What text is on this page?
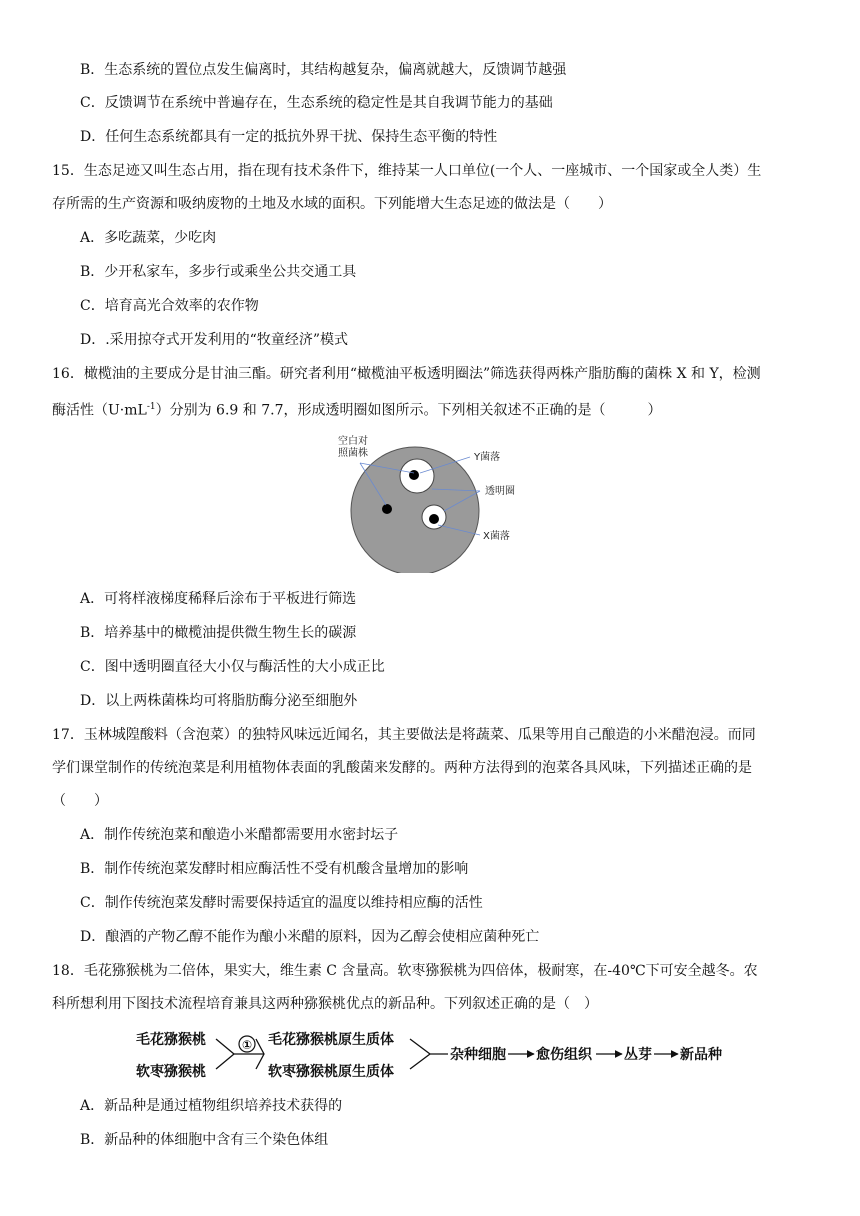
B．生态系统的置位点发生偏离时，其结构越复杂，偏离就越大，反馈调节越强
C．反馈调节在系统中普遍存在，生态系统的稳定性是其自我调节能力的基础
D．任何生态系统都具有一定的抵抗外界干扰、保持生态平衡的特性
15．生态足迹又叫生态占用，指在现有技术条件下，维持某一人口单位(一个人、一座城市、一个国家或全人类）生
存所需的生产资源和吸纳废物的土地及水域的面积。下列能增大生态足迹的做法是（　　）
A．多吃蔬菜，少吃肉
B．少开私家车，多步行或乘坐公共交通工具
C．培育高光合效率的农作物
D．.采用掠夺式开发利用的“牧童经济”模式
16．橄榄油的主要成分是甘油三酯。研究者利用“橄榄油平板透明圈法”筛选获得两株产脂肪酶的菌株 X 和 Y，检测
酶活性$(U\cdot mL^{-1})$分别为 6.9 和 7.7，形成透明圈如图所示。下列相关叙述不正确的是（　　　）
空白对
照菌株	Y菌落
透明圈
X菌落
A．可将样液梯度稀释后涂布于平板进行筛选
B．培养基中的橄榄油提供微生物生长的碳源
C．图中透明圈直径大小仅与酶活性的大小成正比
D．以上两株菌株均可将脂肪酶分泌至细胞外
17．玉林城隍酸料（含泡菜）的独特风味远近闻名，其主要做法是将蔬菜、瓜果等用自己酿造的小米醋泡浸。而同
学们课堂制作的传统泡菜是利用植物体表面的乳酸菌来发酵的。两种方法得到的泡菜各具风味，下列描述正确的是
（　　）
A．制作传统泡菜和酿造小米醋都需要用水密封坛子
B．制作传统泡菜发酵时相应酶活性不受有机酸含量增加的影响
C．制作传统泡菜发酵时需要保持适宜的温度以维持相应酶的活性
D．酿酒的产物乙醇不能作为酿小米醋的原料，因为乙醇会使相应菌种死亡
18．毛花猕猴桃为二倍体，果实大，维生素 C 含量高。软枣猕猴桃为四倍体，极耐寒，在-40℃下可安全越冬。农
科所想利用下图技术流程培育兼具这两种猕猴桃优点的新品种。下列叙述正确的是（　）
毛花猕猴桃
软枣猕猴桃
① 毛花猕猴桃原生质体
软枣猕猴桃原生质体
杂种细胞 愈伤组织 丛芽 新品种
A．新品种是通过植物组织培养技术获得的
B．新品种的体细胞中含有三个染色体组
